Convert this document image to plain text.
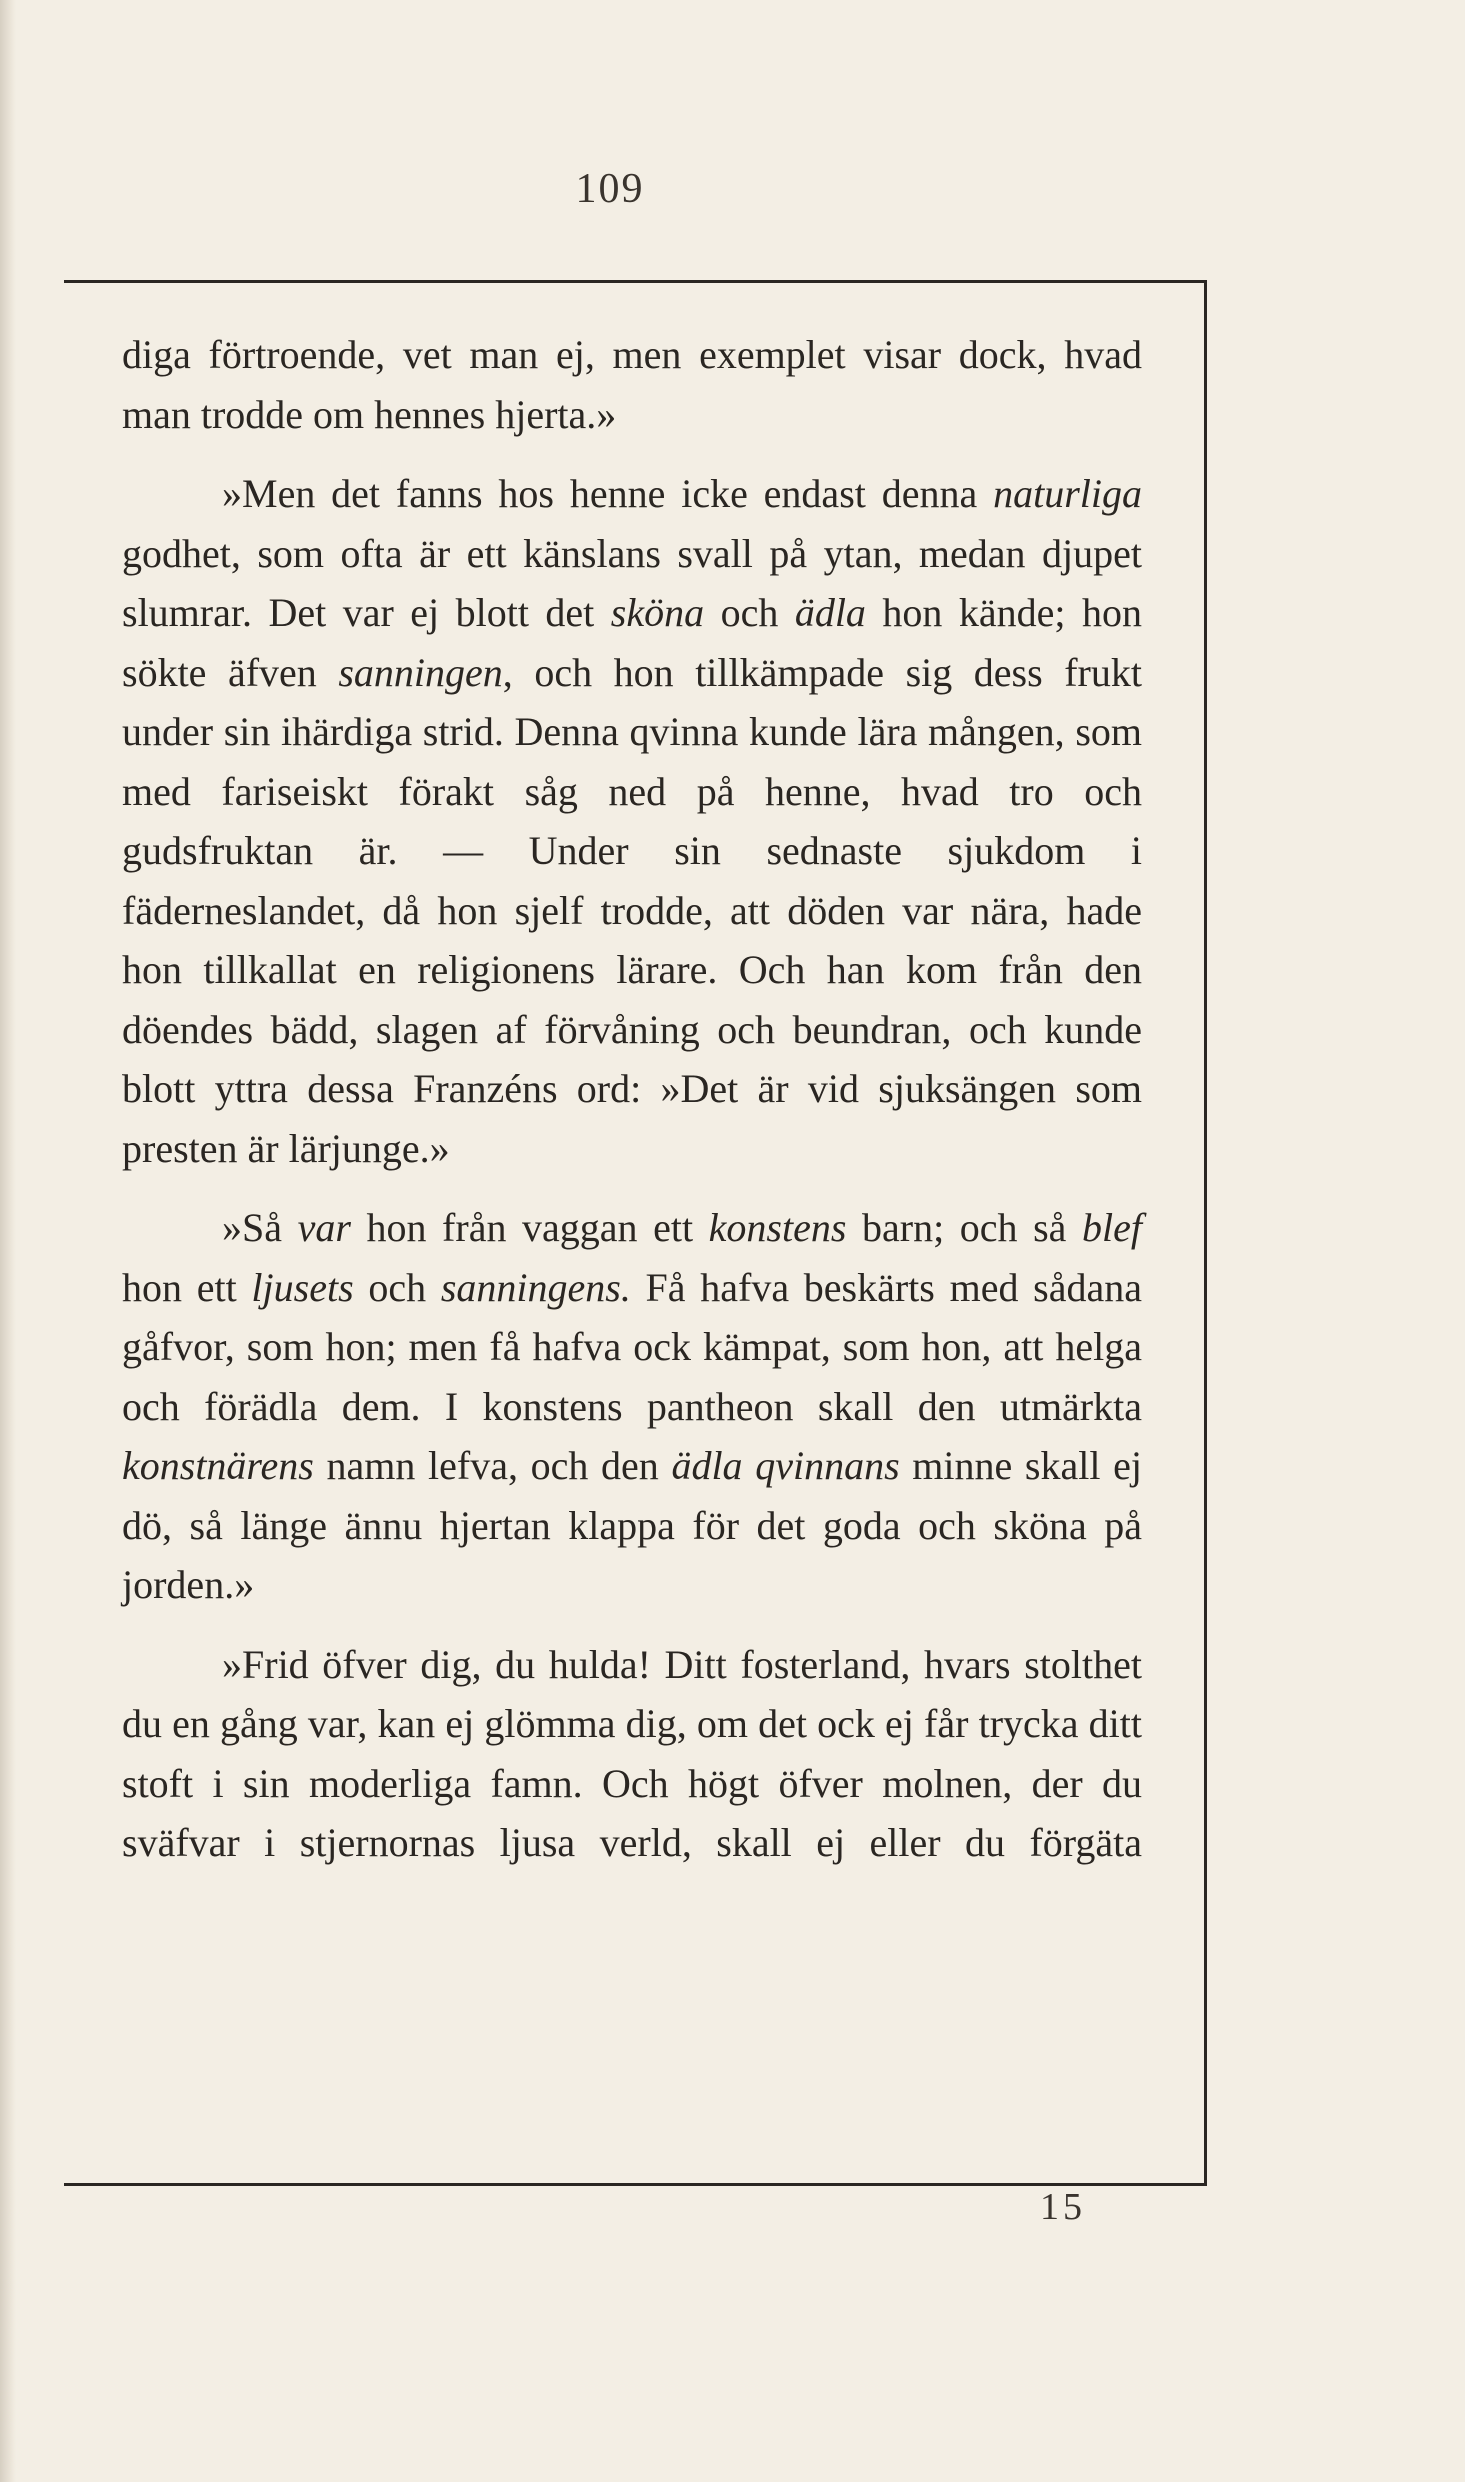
109

diga förtroende, vet man ej, men exemplet visar dock, hvad man trodde om hennes hjerta.»

»Men det fanns hos henne icke endast denna naturliga godhet, som ofta är ett känslans svall på ytan, medan djupet slumrar. Det var ej blott det sköna och ädla hon kände; hon sökte äfven sanningen, och hon tillkämpade sig dess frukt under sin ihärdiga strid. Denna qvinna kunde lära mången, som med fariseiskt förakt såg ned på henne, hvad tro och gudsfruktan är. — Under sin sednaste sjukdom i fäderneslandet, då hon sjelf trodde, att döden var nära, hade hon tillkallat en religionens lärare. Och han kom från den döendes bädd, slagen af förvåning och beundran, och kunde blott yttra dessa Franzéns ord: »Det är vid sjuksängen som presten är lärjunge.»

»Så var hon från vaggan ett konstens barn; och så blef hon ett ljusets och sanningens. Få hafva beskärts med sådana gåfvor, som hon; men få hafva ock kämpat, som hon, att helga och förädla dem. I konstens pantheon skall den utmärkta konstnärens namn lefva, och den ädla qvinnans minne skall ej dö, så länge ännu hjertan klappa för det goda och sköna på jorden.»

»Frid öfver dig, du hulda! Ditt fosterland, hvars stolthet du en gång var, kan ej glömma dig, om det ock ej får trycka ditt stoft i sin moderliga famn. Och högt öfver molnen, der du sväfvar i stjernornas ljusa verld, skall ej eller du förgäta

15
